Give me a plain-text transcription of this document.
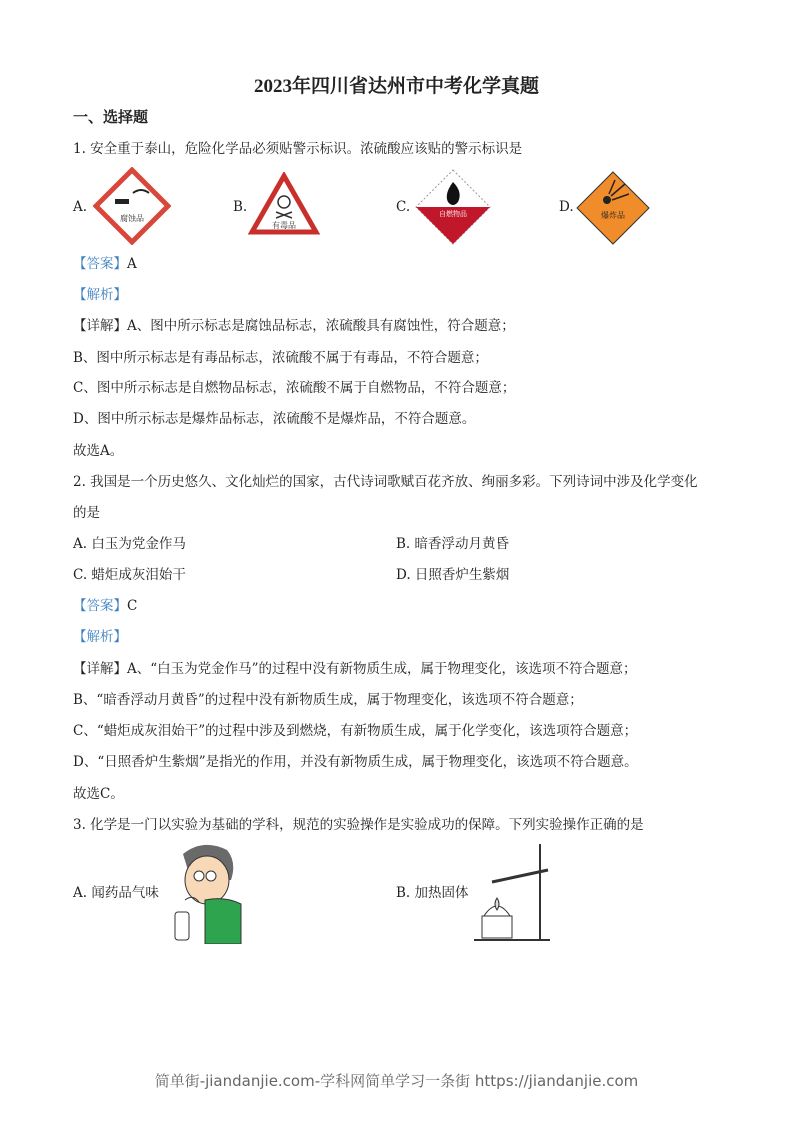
2023年四川省达州市中考化学真题
一、选择题
1. 安全重于泰山，危险化学品必须贴警示标识。浓硫酸应该贴的警示标识是
A.
腐蚀品
B.
有毒品
C.	自燃物品	D.
爆炸品
【答案】A
【解析】
【详解】A、图中所示标志是腐蚀品标志，浓硫酸具有腐蚀性，符合题意；
B、图中所示标志是有毒品标志，浓硫酸不属于有毒品，不符合题意；
C、图中所示标志是自燃物品标志，浓硫酸不属于自燃物品，不符合题意；
D、图中所示标志是爆炸品标志，浓硫酸不是爆炸品，不符合题意。
故选A。
2. 我国是一个历史悠久、文化灿烂的国家，古代诗词歌赋百花齐放、绚丽多彩。下列诗词中涉及化学变化
的是
A. 白玉为党金作马	B. 暗香浮动月黄昏
C. 蜡炬成灰泪始干	D. 日照香炉生紫烟
【答案】C
【解析】
【详解】A、“白玉为党金作马”的过程中没有新物质生成，属于物理变化，该选项不符合题意；
B、“暗香浮动月黄昏”的过程中没有新物质生成，属于物理变化，该选项不符合题意；
C、“蜡炬成灰泪始干”的过程中涉及到燃烧，有新物质生成，属于化学变化，该选项符合题意；
D、“日照香炉生紫烟”是指光的作用，并没有新物质生成，属于物理变化，该选项不符合题意。
故选C。
3. 化学是一门以实验为基础的学科，规范的实验操作是实验成功的保障。下列实验操作正确的是
A. 闻药品气味	B. 加热固体
简单街-jiandanjie.com-学科网简单学习一条街 https://jiandanjie.com
